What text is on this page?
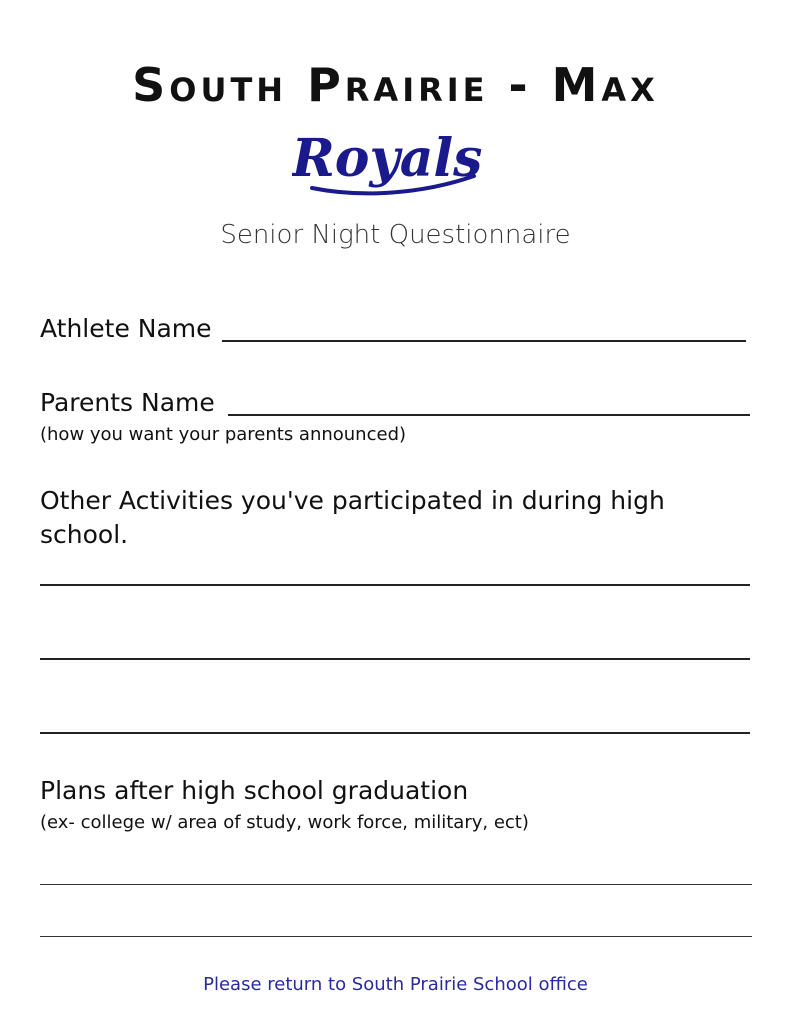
South Prairie - Max
Royals
Senior Night Questionnaire
Athlete Name
Parents Name
(how you want your parents announced)
Other Activities you've participated in during high school.
Plans after high school graduation
(ex- college w/ area of study, work force, military, ect)
Please return to South Prairie School office
